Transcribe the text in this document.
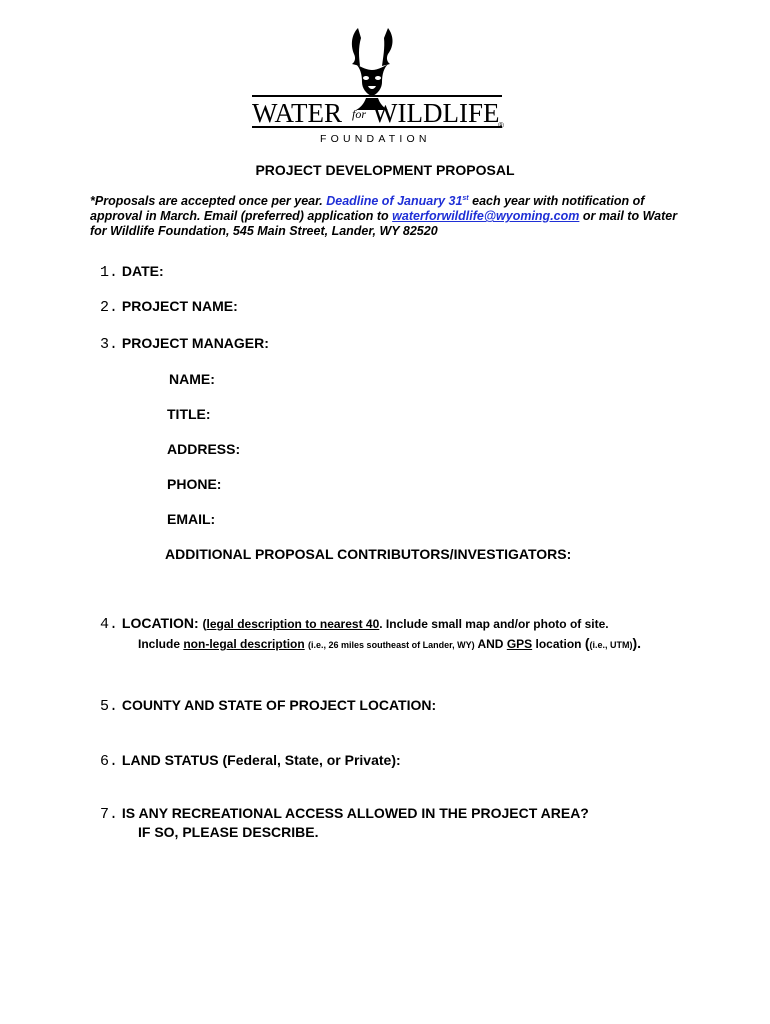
WATER for WILDLIFE
®
FOUNDATION
PROJECT DEVELOPMENT PROPOSAL
*Proposals are accepted once per year. Deadline of January 31st each year with notification of approval in March. Email (preferred) application to waterforwildlife@wyoming.com or mail to Water for Wildlife Foundation, 545 Main Street, Lander, WY 82520
1. DATE:
2. PROJECT NAME:
3. PROJECT MANAGER:
NAME:
TITLE:
ADDRESS:
PHONE:
EMAIL:
ADDITIONAL PROPOSAL CONTRIBUTORS/INVESTIGATORS:
4. LOCATION: (legal description to nearest 40. Include small map and/or photo of site.
Include non-legal description (i.e., 26 miles southeast of Lander, WY) AND GPS location ((i.e., UTM)).
5. COUNTY AND STATE OF PROJECT LOCATION:
6. LAND STATUS (Federal, State, or Private):
7. IS ANY RECREATIONAL ACCESS ALLOWED IN THE PROJECT AREA?
IF SO, PLEASE DESCRIBE.
